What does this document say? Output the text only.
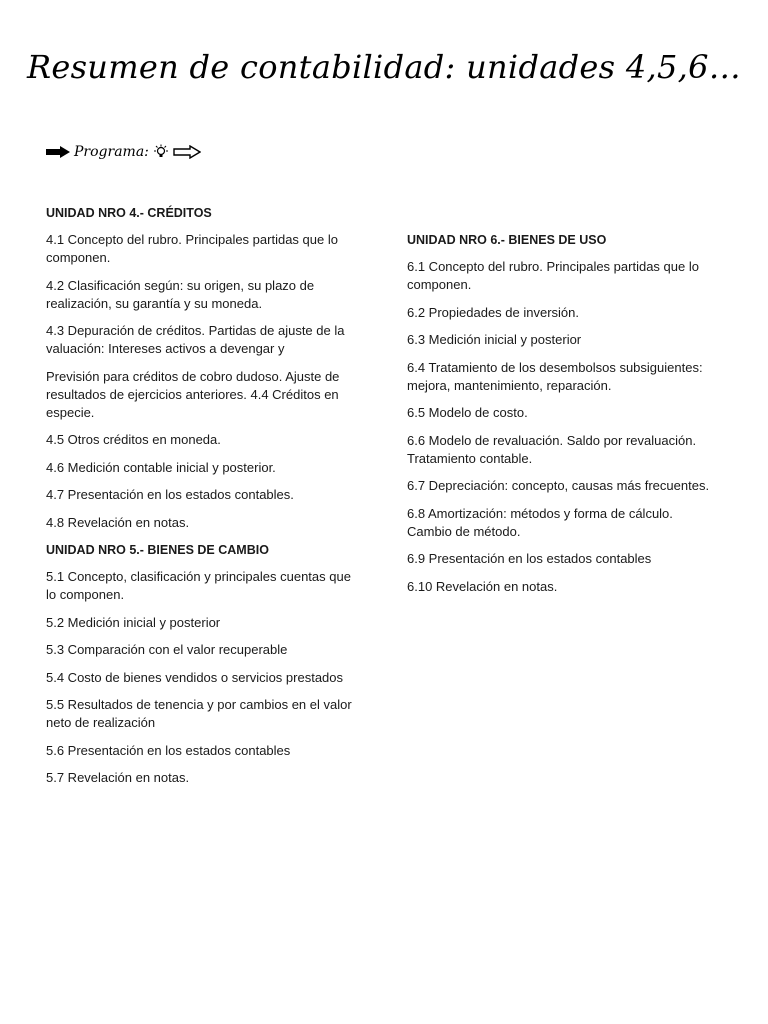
Resumen de contabilidad: unidades 4,5,6…
Programa:
UNIDAD NRO 4.- CRÉDITOS
4.1 Concepto del rubro. Principales partidas que lo componen.
4.2 Clasificación según: su origen, su plazo de realización, su garantía y su moneda.
4.3 Depuración de créditos. Partidas de ajuste de la valuación: Intereses activos a devengar y
Previsión para créditos de cobro dudoso. Ajuste de resultados de ejercicios anteriores. 4.4 Créditos en especie.
4.5 Otros créditos en moneda.
4.6 Medición contable inicial y posterior.
4.7 Presentación en los estados contables.
4.8 Revelación en notas.
UNIDAD NRO 5.- BIENES DE CAMBIO
5.1 Concepto, clasificación y principales cuentas que lo componen.
5.2 Medición inicial y posterior
5.3 Comparación con el valor recuperable
5.4 Costo de bienes vendidos o servicios prestados
5.5 Resultados de tenencia y por cambios en el valor neto de realización
5.6 Presentación en los estados contables
5.7 Revelación en notas.
UNIDAD NRO 6.- BIENES DE USO
6.1 Concepto del rubro. Principales partidas que lo componen.
6.2 Propiedades de inversión.
6.3 Medición inicial y posterior
6.4 Tratamiento de los desembolsos subsiguientes: mejora, mantenimiento, reparación.
6.5 Modelo de costo.
6.6 Modelo de revaluación. Saldo por revaluación. Tratamiento contable.
6.7 Depreciación: concepto, causas más frecuentes.
6.8 Amortización: métodos y forma de cálculo. Cambio de método.
6.9 Presentación en los estados contables
6.10 Revelación en notas.
